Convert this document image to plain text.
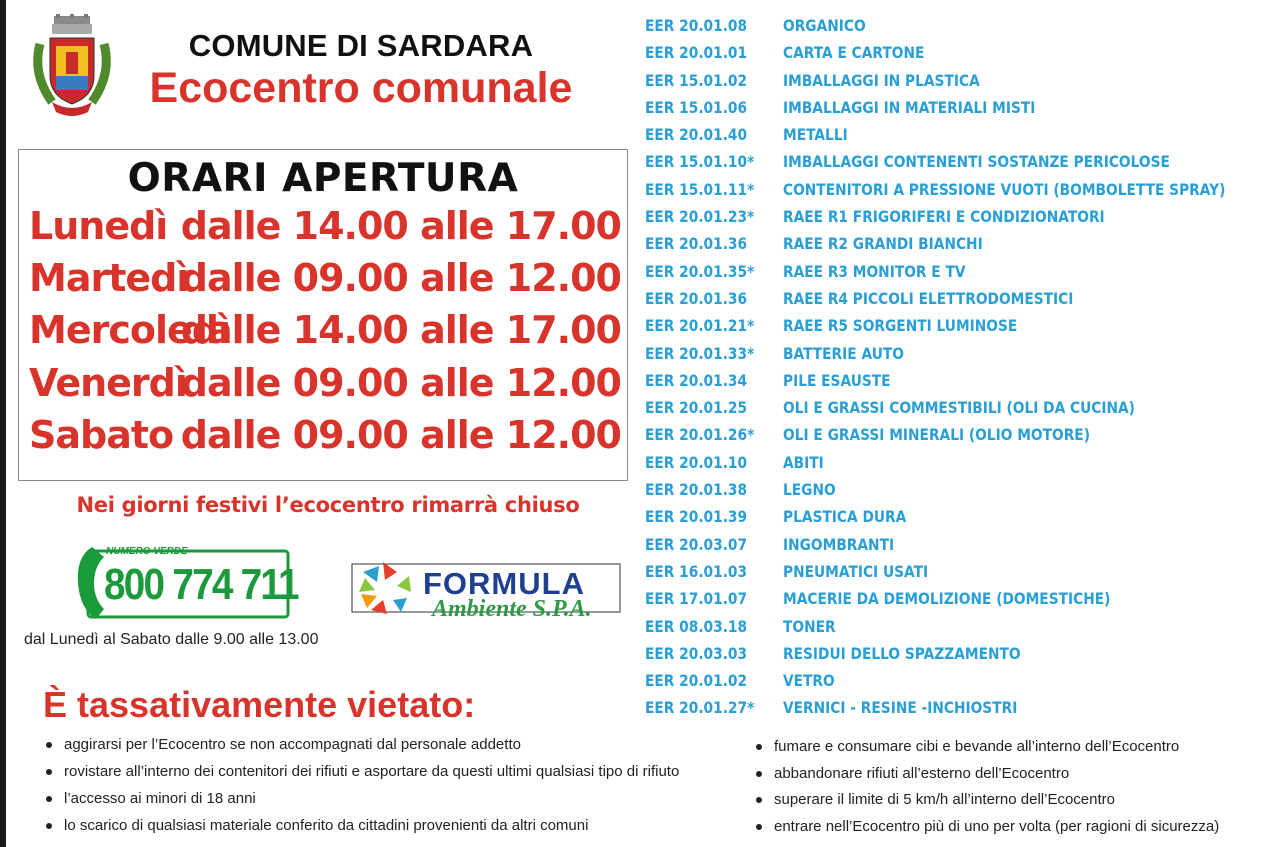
COMUNE DI SARDARA
Ecocentro comunale
ORARI APERTURA
Lunedì dalle 14.00 alle 17.00
Martedì
dalle 09.00 alle 12.00
Mercoledì
dalle 14.00 alle 17.00
Venerdì
dalle 09.00 alle 12.00
Sabato dalle 09.00 alle 12.00
Nei giorni festivi l’ecocentro rimarrà chiuso
NUMERO VERDE
800 774 711
dal Lunedì al Sabato dalle 9.00 alle 13.00
FORMULA
Ambiente S.P.A.
È tassativamente vietato:
aggirarsi per l’Ecocentro se non accompagnati dal personale addetto
rovistare all’interno dei contenitori dei rifiuti e asportare da questi ultimi qualsiasi tipo di rifiuto
l’accesso ai minori di 18 anni
lo scarico di qualsiasi materiale conferito da cittadini provenienti da altri comuni
fumare e consumare cibi e bevande all’interno dell’Ecocentro
abbandonare rifiuti all’esterno dell’Ecocentro
superare il limite di 5 km/h all’interno dell’Ecocentro
entrare nell’Ecocentro più di uno per volta (per ragioni di sicurezza)
EER 20.01.08 ORGANICO
EER 20.01.01 CARTA E CARTONE
EER 15.01.02 IMBALLAGGI IN PLASTICA
EER 15.01.06 IMBALLAGGI IN MATERIALI MISTI
EER 20.01.40 METALLI
EER 15.01.10* IMBALLAGGI CONTENENTI SOSTANZE PERICOLOSE
EER 15.01.11* CONTENITORI A PRESSIONE VUOTI (BOMBOLETTE SPRAY)
EER 20.01.23* RAEE R1 FRIGORIFERI E CONDIZIONATORI
EER 20.01.36 RAEE R2 GRANDI BIANCHI
EER 20.01.35* RAEE R3 MONITOR E TV
EER 20.01.36 RAEE R4 PICCOLI ELETTRODOMESTICI
EER 20.01.21* RAEE R5 SORGENTI LUMINOSE
EER 20.01.33* BATTERIE AUTO
EER 20.01.34 PILE ESAUSTE
EER 20.01.25 OLI E GRASSI COMMESTIBILI (OLI DA CUCINA)
EER 20.01.26* OLI E GRASSI MINERALI (OLIO MOTORE)
EER 20.01.10 ABITI
EER 20.01.38 LEGNO
EER 20.01.39 PLASTICA DURA
EER 20.03.07 INGOMBRANTI
EER 16.01.03 PNEUMATICI USATI
EER 17.01.07 MACERIE DA DEMOLIZIONE (DOMESTICHE)
EER 08.03.18 TONER
EER 20.03.03 RESIDUI DELLO SPAZZAMENTO
EER 20.01.02 VETRO
EER 20.01.27* VERNICI - RESINE -INCHIOSTRI
